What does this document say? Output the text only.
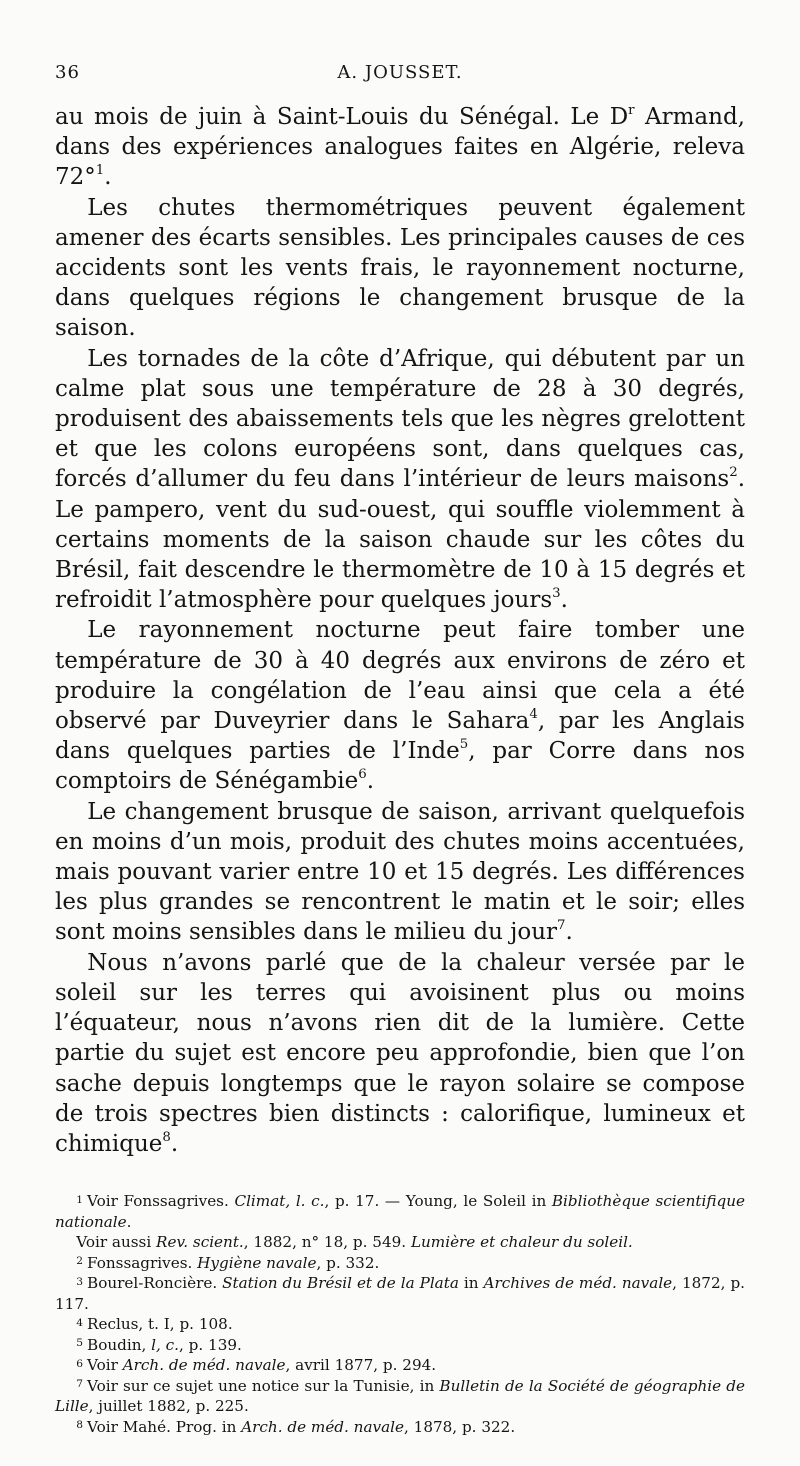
36	A. JOUSSET.

au mois de juin à Saint-Louis du Sénégal. Le $D^r$ Armand, dans des expériences analogues faites en Algérie, releva 72°$^1$.

Les chutes thermométriques peuvent également amener des écarts sensibles. Les principales causes de ces accidents sont les vents frais, le rayonnement nocturne, dans quelques régions le changement brusque de la saison.

Les tornades de la côte d’Afrique, qui débutent par un calme plat sous une température de 28 à 30 degrés, produisent des abaissements tels que les nègres grelottent et que les colons européens sont, dans quelques cas, forcés d’allumer du feu dans l’intérieur de leurs maisons$^2$. Le pampero, vent du sud-ouest, qui souffle violemment à certains moments de la saison chaude sur les côtes du Brésil, fait descendre le thermomètre de 10 à 15 degrés et refroidit l’atmosphère pour quelques jours$^3$.

Le rayonnement nocturne peut faire tomber une température de 30 à 40 degrés aux environs de zéro et produire la congélation de l’eau ainsi que cela a été observé par Duveyrier dans le Sahara$^4$, par les Anglais dans quelques parties de l’Inde$^5$, par Corre dans nos comptoirs de Sénégambie$^6$.

Le changement brusque de saison, arrivant quelquefois en moins d’un mois, produit des chutes moins accentuées, mais pouvant varier entre 10 et 15 degrés. Les différences les plus grandes se rencontrent le matin et le soir; elles sont moins sensibles dans le milieu du jour$^7$.

Nous n’avons parlé que de la chaleur versée par le soleil sur les terres qui avoisinent plus ou moins l’équateur, nous n’avons rien dit de la lumière. Cette partie du sujet est encore peu approfondie, bien que l’on sache depuis longtemps que le rayon solaire se compose de trois spectres bien distincts : calorifique, lumineux et chimique$^8$.

$^1$ Voir Fonssagrives. Climat, l. c., p. 17. — Young, le Soleil in Bibliothèque scientifique nationale.

Voir aussi Rev. scient., 1882, n° 18, p. 549. Lumière et chaleur du soleil.

$^2$ Fonssagrives. Hygiène navale, p. 332.

$^3$ Bourel-Roncière. Station du Brésil et de la Plata in Archives de méd. navale, 1872, p. 117.

$^4$ Reclus, t. I, p. 108.

$^5$ Boudin, l, c., p. 139.

$^6$ Voir Arch. de méd. navale, avril 1877, p. 294.

$^7$ Voir sur ce sujet une notice sur la Tunisie, in Bulletin de la Société de géographie de Lille, juillet 1882, p. 225.

$^8$ Voir Mahé. Prog. in Arch. de méd. navale, 1878, p. 322.
